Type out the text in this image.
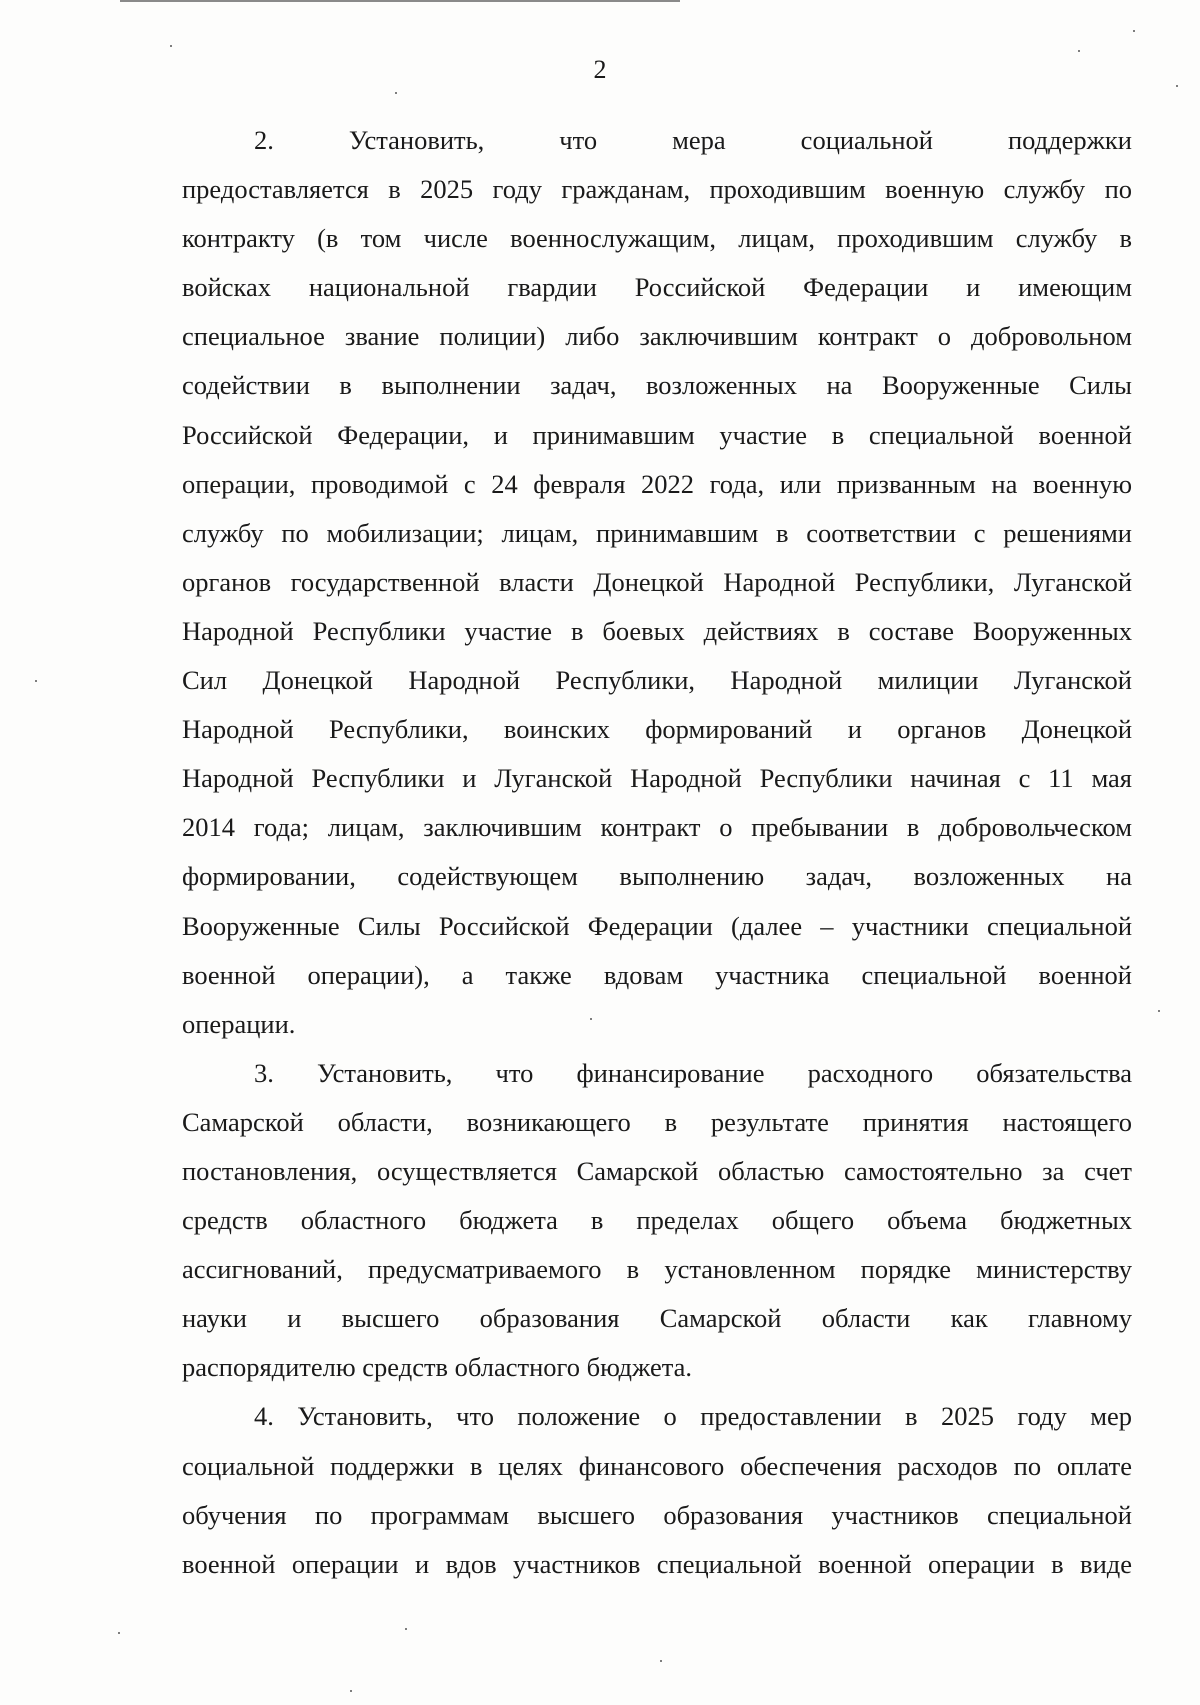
2
2. Установить, что мера социальной поддержки
предоставляется в 2025 году гражданам, проходившим военную службу по
контракту (в том числе военнослужащим, лицам, проходившим службу в
войсках национальной гвардии Российской Федерации и имеющим
специальное звание полиции) либо заключившим контракт о добровольном
содействии в выполнении задач, возложенных на Вооруженные Силы
Российской Федерации, и принимавшим участие в специальной военной
операции, проводимой с 24 февраля 2022 года, или призванным на военную
службу по мобилизации; лицам, принимавшим в соответствии с решениями
органов государственной власти Донецкой Народной Республики, Луганской
Народной Республики участие в боевых действиях в составе Вооруженных
Сил Донецкой Народной Республики, Народной милиции Луганской
Народной Республики, воинских формирований и органов Донецкой
Народной Республики и Луганской Народной Республики начиная с 11 мая
2014 года; лицам, заключившим контракт о пребывании в добровольческом
формировании, содействующем выполнению задач, возложенных на
Вооруженные Силы Российской Федерации (далее – участники специальной
военной операции), а также вдовам участника специальной военной
операции.
3. Установить, что финансирование расходного обязательства
Самарской области, возникающего в результате принятия настоящего
постановления, осуществляется Самарской областью самостоятельно за счет
средств областного бюджета в пределах общего объема бюджетных
ассигнований, предусматриваемого в установленном порядке министерству
науки и высшего образования Самарской области как главному
распорядителю средств областного бюджета.
4. Установить, что положение о предоставлении в 2025 году мер
социальной поддержки в целях финансового обеспечения расходов по оплате
обучения по программам высшего образования участников специальной
военной операции и вдов участников специальной военной операции в виде
